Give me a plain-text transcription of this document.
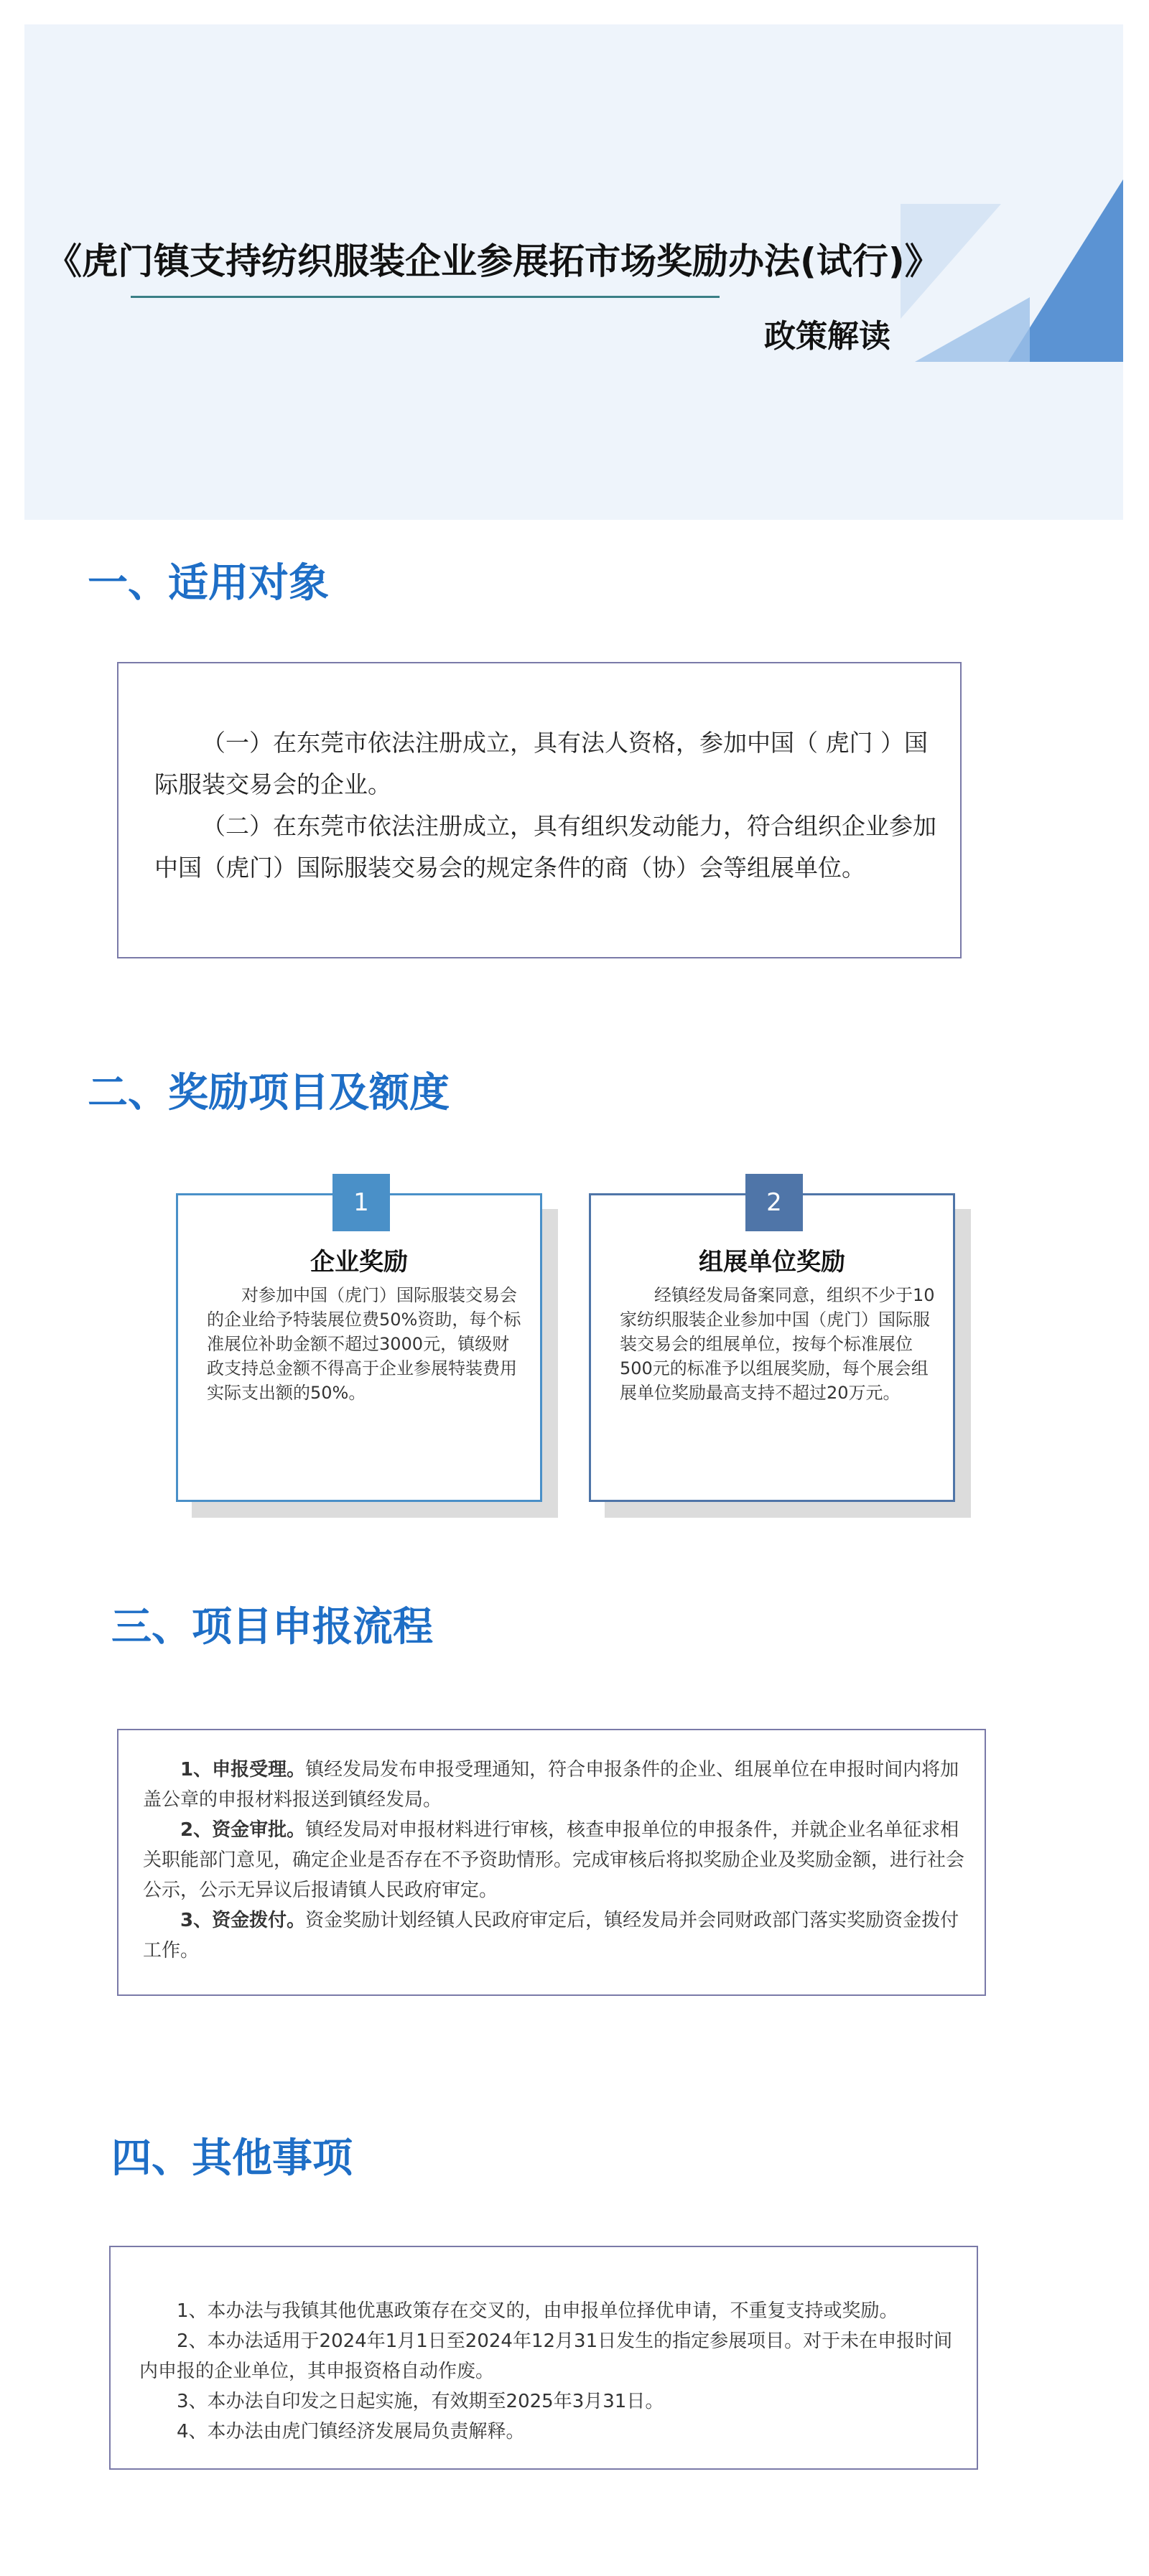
《虎门镇支持纺织服装企业参展拓市场奖励办法(试行)》
政策解读
一、适用对象

（一）在东莞市依法注册成立，具有法人资格，参加中国（ 虎门 ）国际服装交易会的企业。

（二）在东莞市依法注册成立，具有组织发动能力，符合组织企业参加中国（虎门）国际服装交易会的规定条件的商（协）会等组展单位。

二、奖励项目及额度
1
企业奖励

对参加中国（虎门）国际服装交易会的企业给予特装展位费50%资助，每个标准展位补助金额不超过3000元，镇级财政支持总金额不得高于企业参展特装费用实际支出额的50%。

2
组展单位奖励

经镇经发局备案同意，组织不少于10家纺织服装企业参加中国（虎门）国际服装交易会的组展单位，按每个标准展位500元的标准予以组展奖励，每个展会组展单位奖励最高支持不超过20万元。

三、项目申报流程

1、申报受理。镇经发局发布申报受理通知，符合申报条件的企业、组展单位在申报时间内将加盖公章的申报材料报送到镇经发局。

2、资金审批。镇经发局对申报材料进行审核，核查申报单位的申报条件，并就企业名单征求相关职能部门意见，确定企业是否存在不予资助情形。完成审核后将拟奖励企业及奖励金额，进行社会公示，公示无异议后报请镇人民政府审定。

3、资金拨付。资金奖励计划经镇人民政府审定后，镇经发局并会同财政部门落实奖励资金拨付工作。

四、其他事项

1、本办法与我镇其他优惠政策存在交叉的，由申报单位择优申请，不重复支持或奖励。

2、本办法适用于2024年1月1日至2024年12月31日发生的指定参展项目。对于未在申报时间内申报的企业单位，其申报资格自动作废。

3、本办法自印发之日起实施，有效期至2025年3月31日。

4、本办法由虎门镇经济发展局负责解释。
